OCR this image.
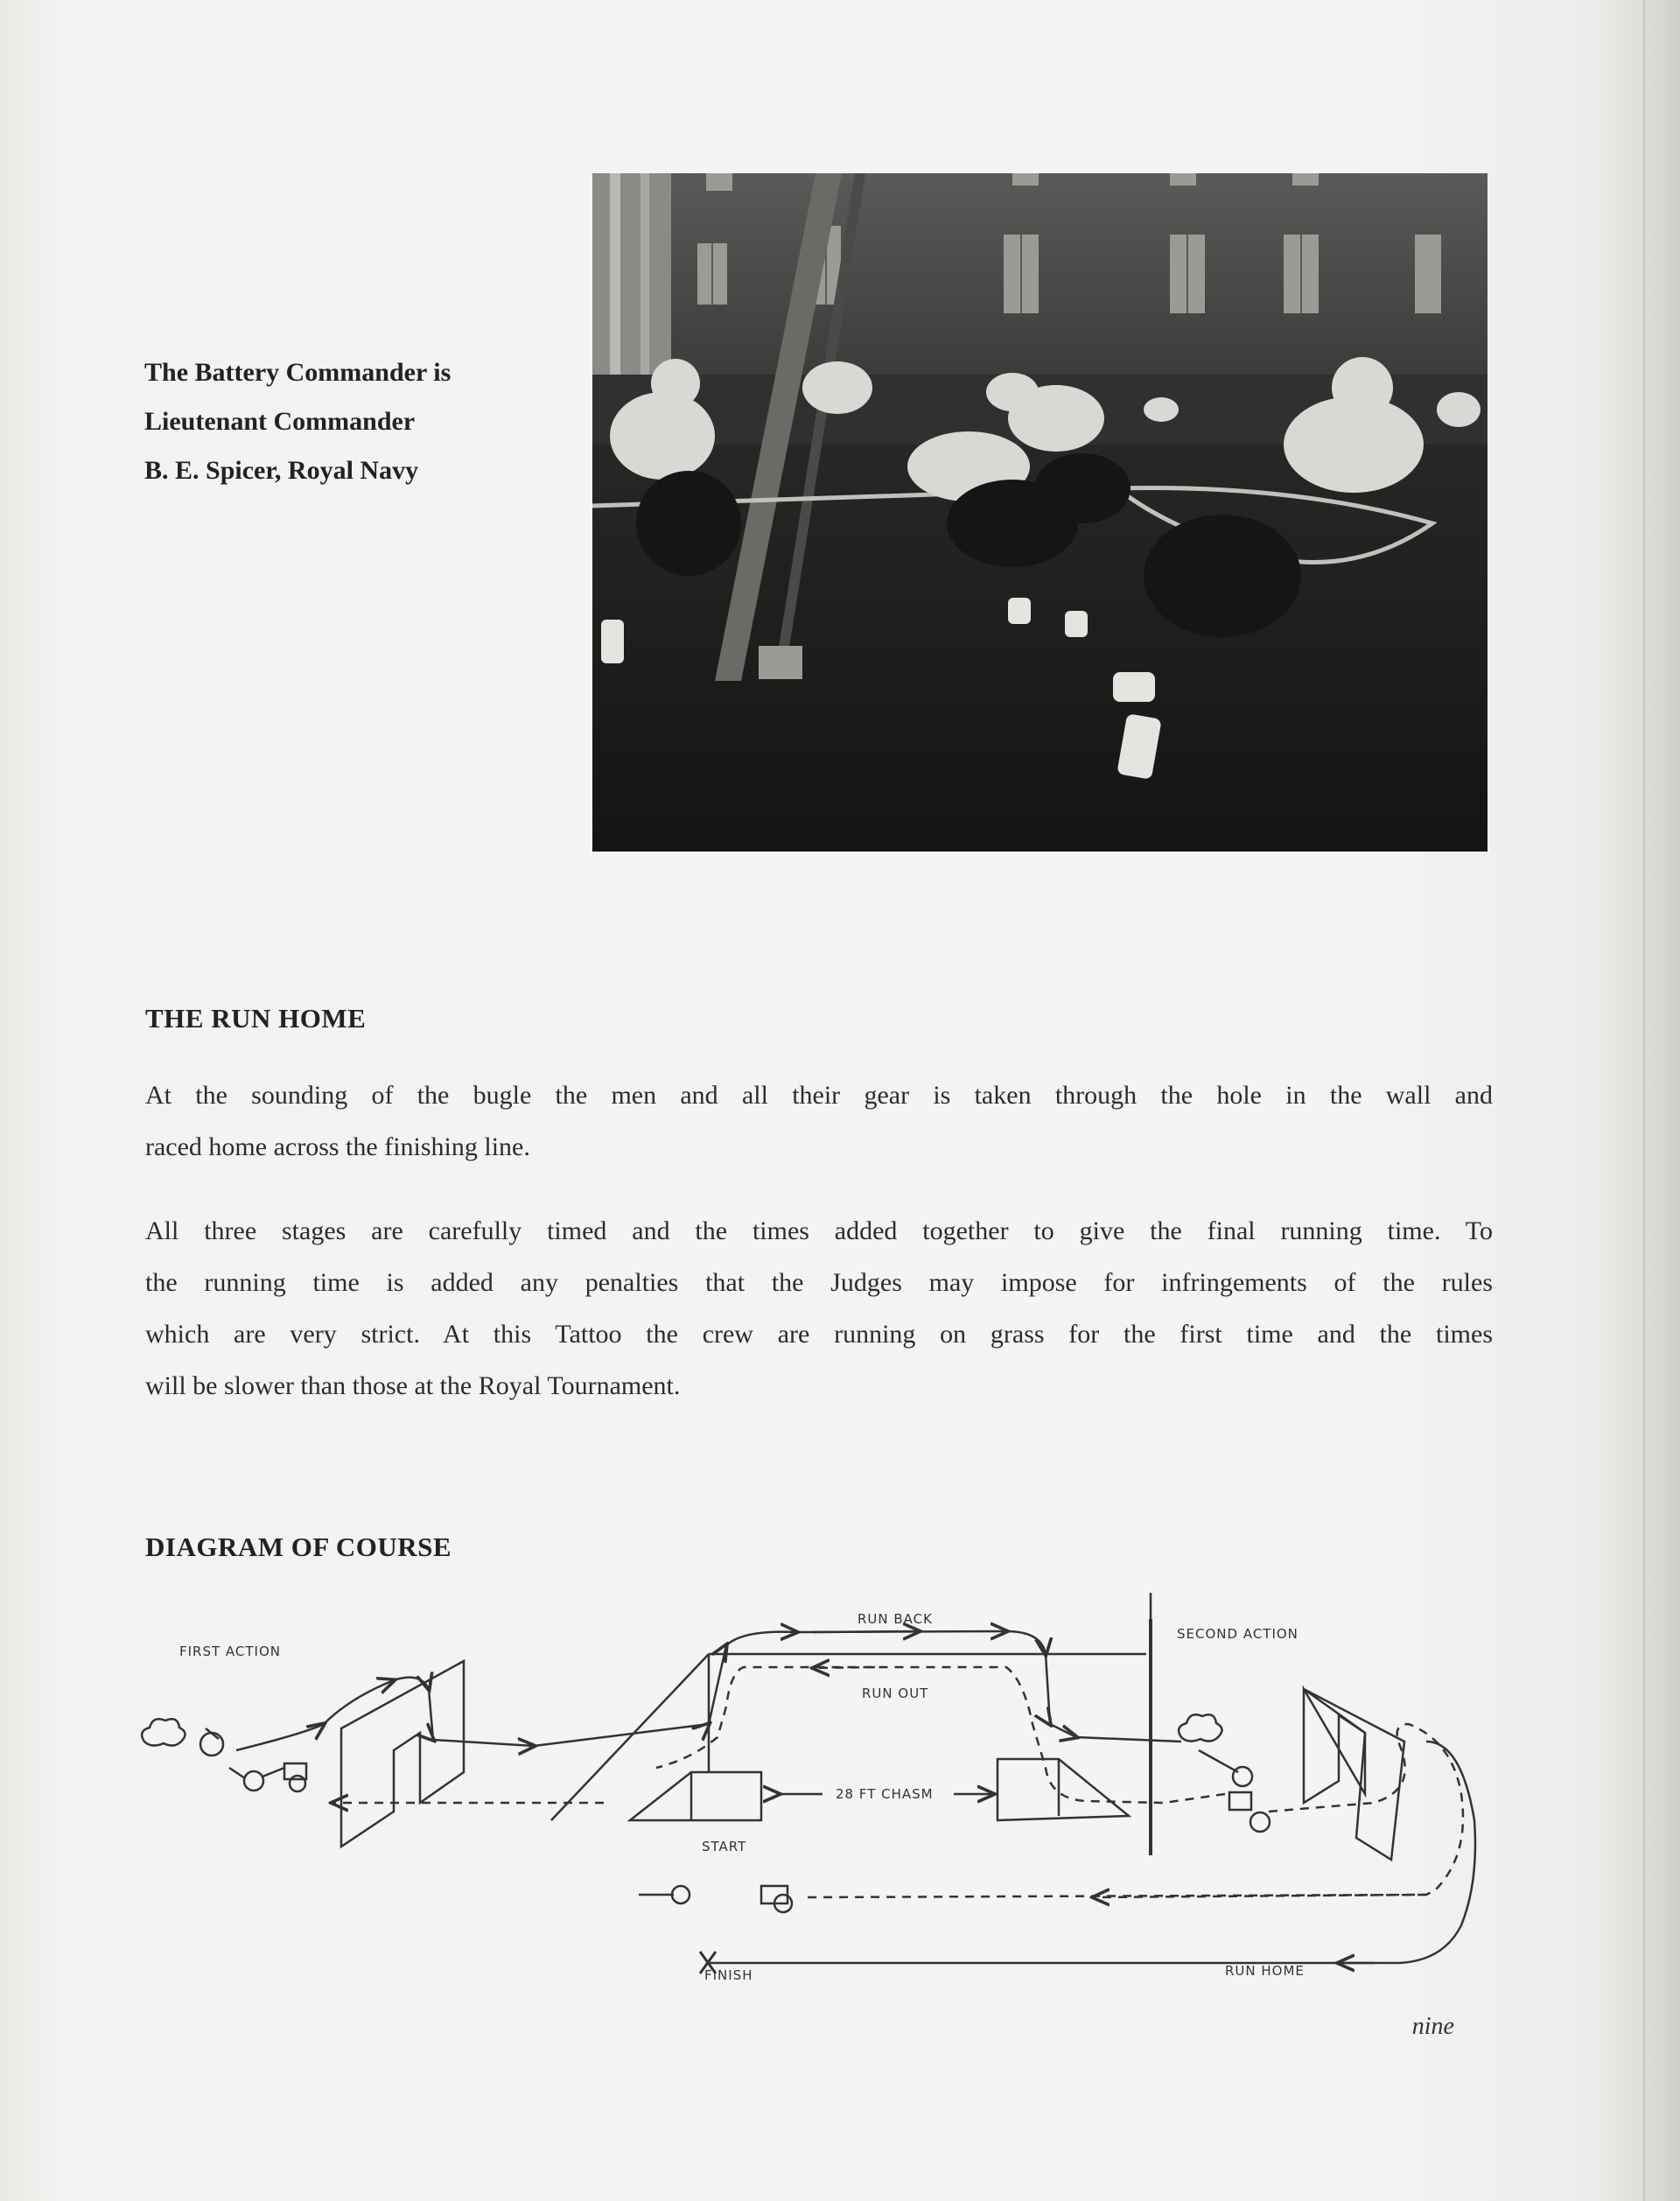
The Battery Commander is
Lieutenant Commander
B. E. Spicer, Royal Navy
THE RUN HOME
At the sounding of the bugle the men and all their gear is taken through the hole in the wall and
raced home across the finishing line.
All three stages are carefully timed and the times added together to give the final running time. To
the running time is added any penalties that the Judges may impose for infringements of the rules
which are very strict. At this Tattoo the crew are running on grass for the first time and the times
will be slower than those at the Royal Tournament.
DIAGRAM OF COURSE
FIRST ACTION
RUN BACK
RUN OUT
SECOND ACTION
28 FT CHASM
START
FINISH	RUN HOME
nine
